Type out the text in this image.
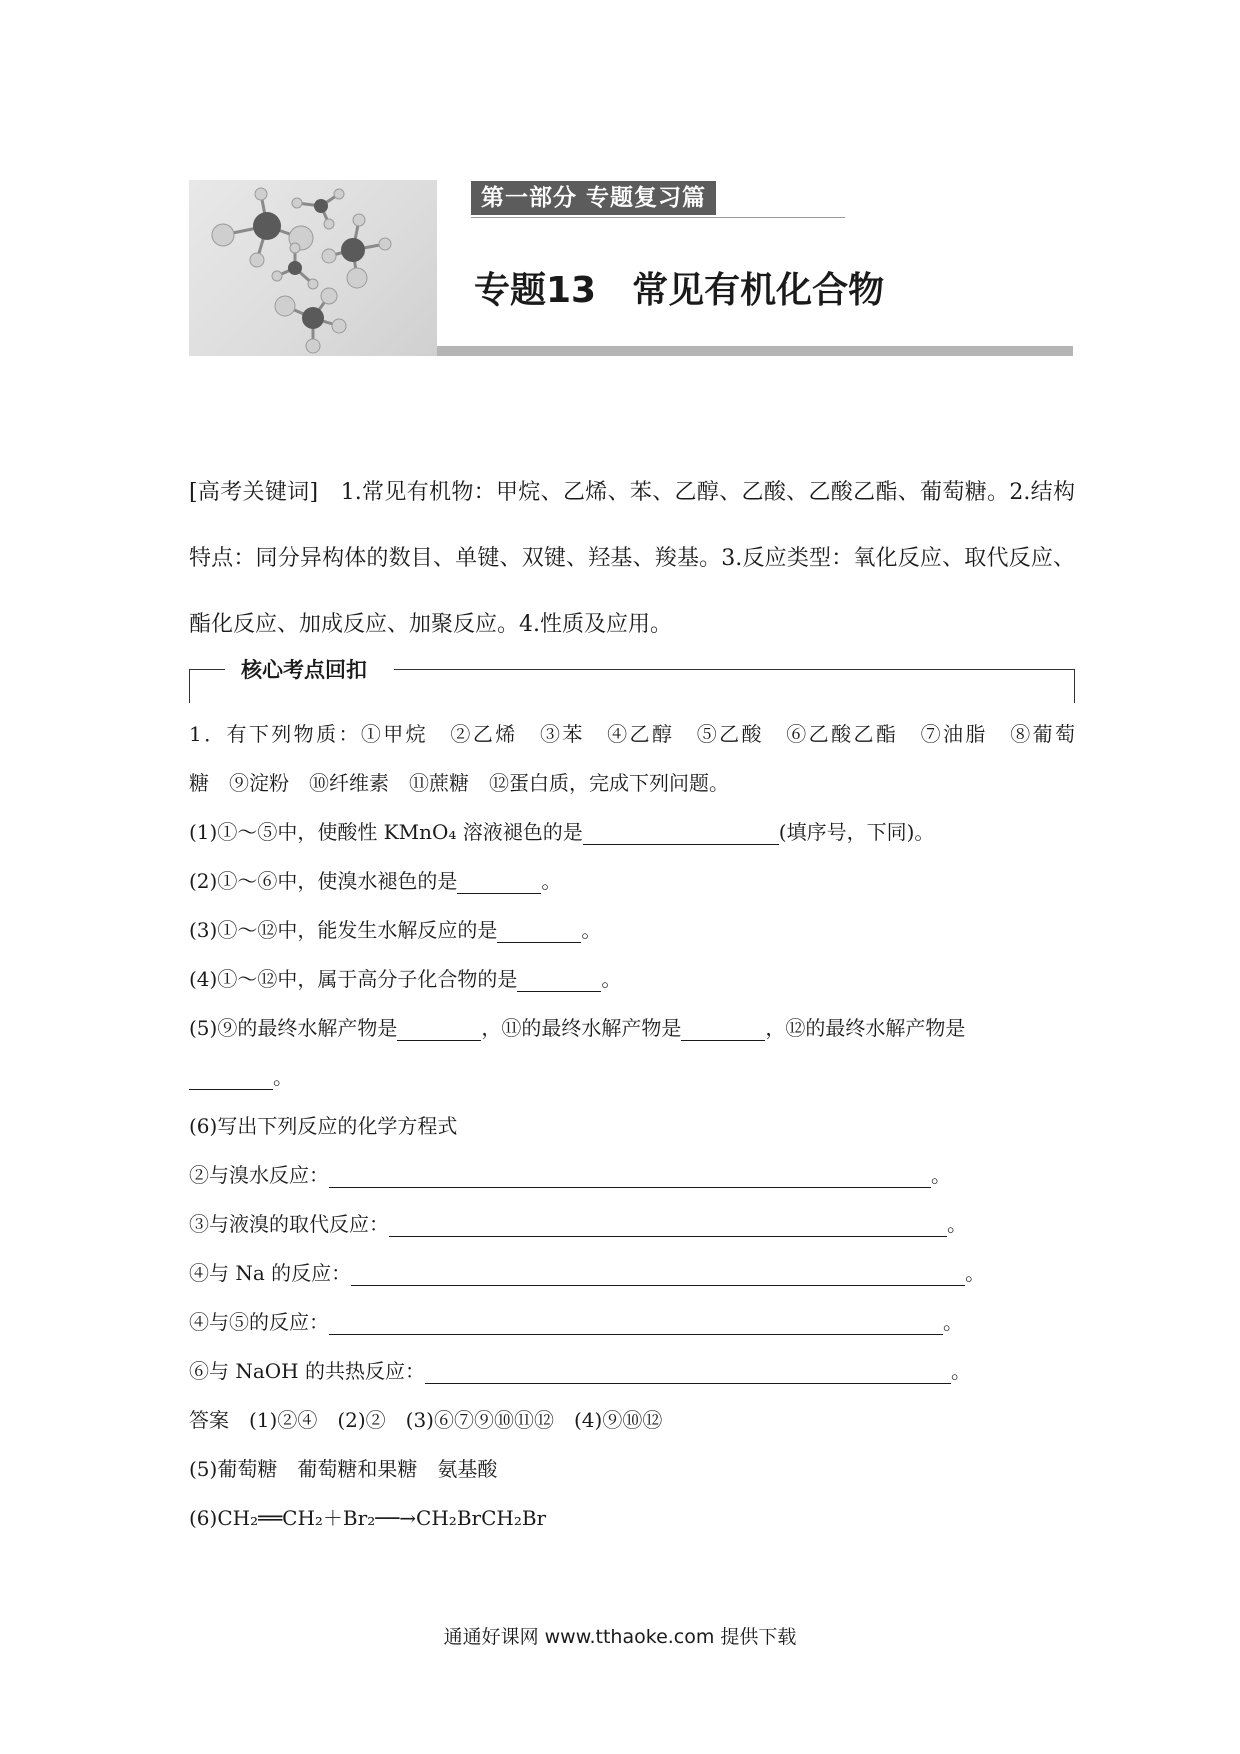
第一部分 专题复习篇
专题13　常见有机化合物

[高考关键词]　 1.常见有机物：甲烷、乙烯、苯、乙醇、乙酸、乙酸乙酯、葡萄糖。2.结构特点：同分异构体的数目、单键、双键、羟基、羧基。3.反应类型：氧化反应、取代反应、酯化反应、加成反应、加聚反应。4.性质及应用。

核心考点回扣
1．有下列物质：①甲烷　②乙烯　③苯　④乙醇　⑤乙酸　⑥乙酸乙酯　⑦油脂　⑧葡萄
糖　⑨淀粉　⑩纤维素　⑪蔗糖　⑫蛋白质，完成下列问题。
(1)①～⑤中，使酸性 KMnO₄ 溶液褪色的是	(填序号，下同)。
(2)①～⑥中，使溴水褪色的是	。
(3)①～⑫中，能发生水解反应的是	。
(4)①～⑫中，属于高分子化合物的是	。
(5)⑨的最终水解产物是	，⑪的最终水解产物是	，⑫的最终水解产物是
。
(6)写出下列反应的化学方程式
②与溴水反应：	。
③与液溴的取代反应：	。
④与 Na 的反应：	。
④与⑤的反应：	。
⑥与 NaOH 的共热反应：	。
答案　(1)②④　(2)②　(3)⑥⑦⑨⑩⑪⑫　(4)⑨⑩⑫
(5)葡萄糖　葡萄糖和果糖　氨基酸
(6)CH₂══CH₂＋Br₂──→CH₂BrCH₂Br
通通好课网 www.tthaoke.com 提供下载
